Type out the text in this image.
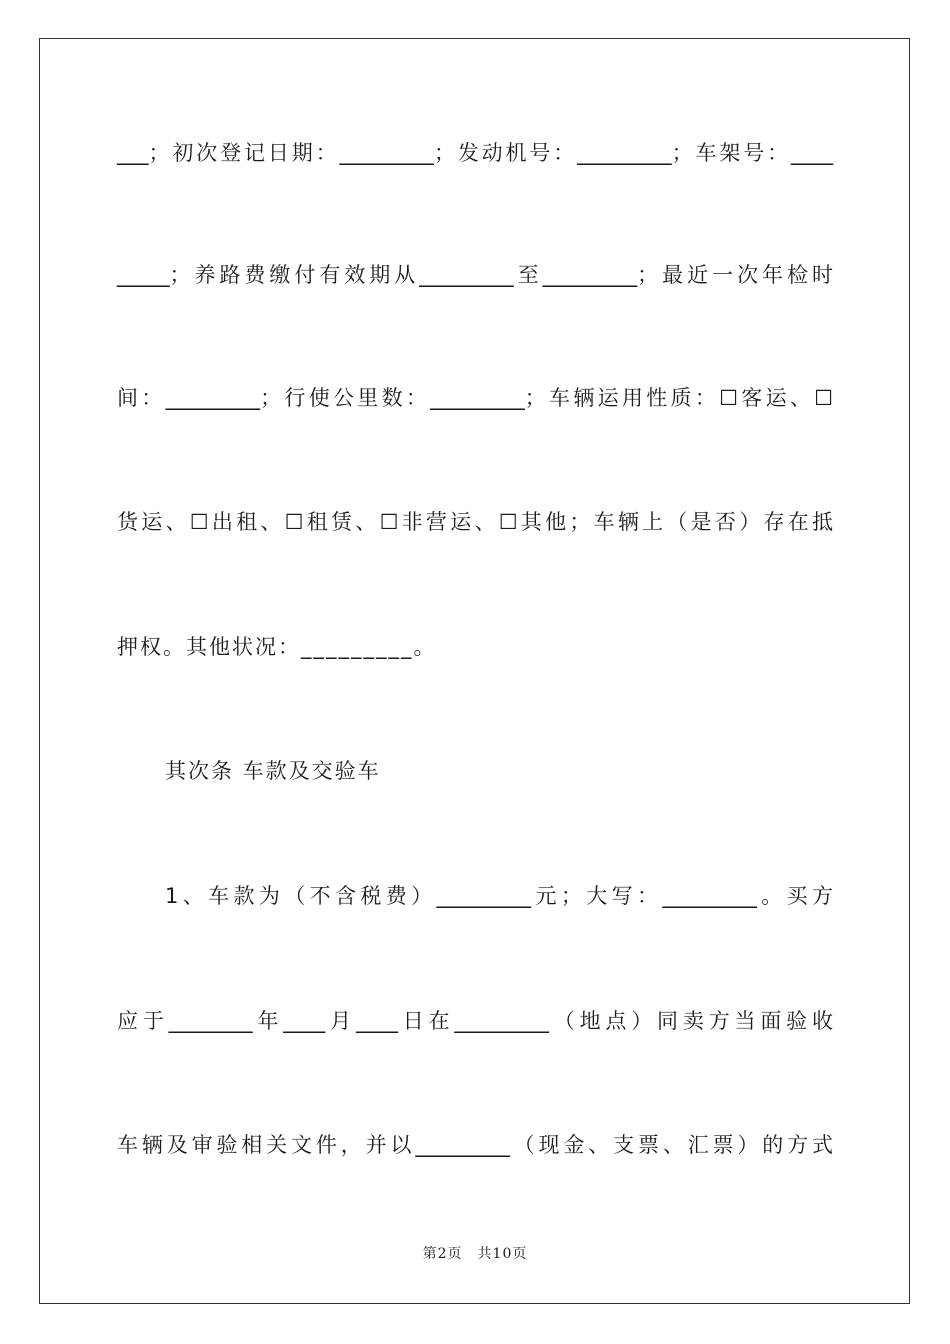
___；初次登记日期：_________；发动机号：_________；车架号：____
_____；养路费缴付有效期从_________至_________；最近一次年检时
间：_________；行使公里数：_________；车辆运用性质：☐客运、☐
货运、☐出租、☐租赁、☐非营运、☐其他；车辆上（是否）存在抵
押权。其他状况：_________。
其次条 车款及交验车
1、车款为（不含税费）_________元；大写：_________。买方
应于________年____月____日在_________（地点）同卖方当面验收
车辆及审验相关文件，并以_________（现金、支票、汇票）的方式
第2页　共10页
